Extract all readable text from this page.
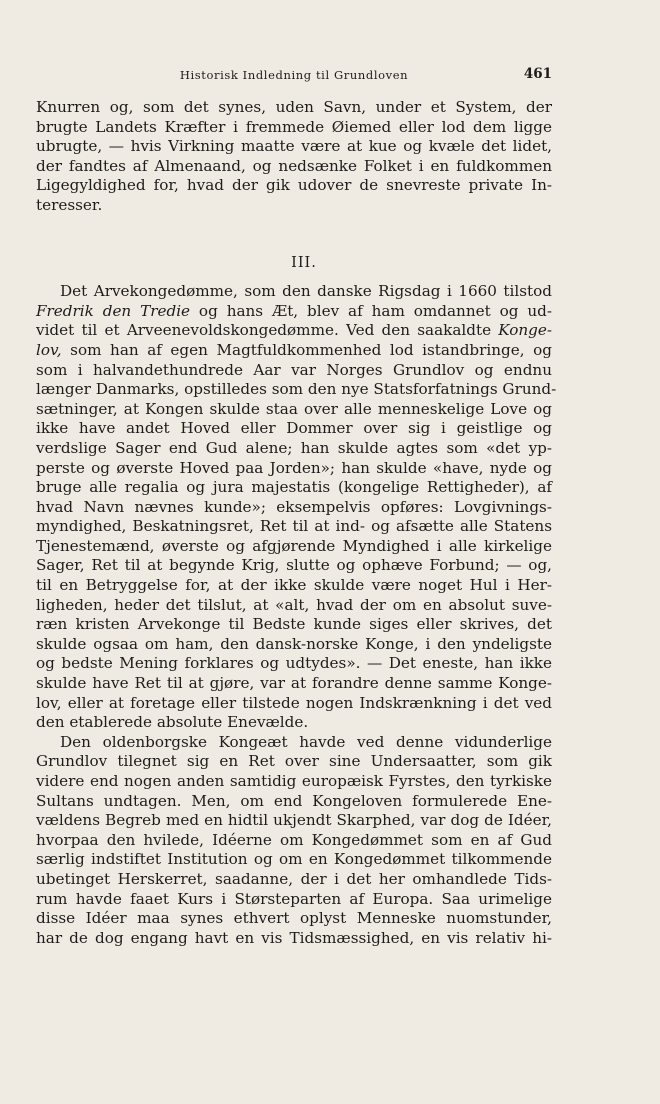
Historisk Indledning til Grundloven	461
Knurren og, som det synes, uden Savn, under et System, der
brugte Landets Kræfter i fremmede Øiemed eller lod dem ligge
ubrugte, — hvis Virkning maatte være at kue og kvæle det lidet,
der fandtes af Almenaand, og nedsænke Folket i en fuldkommen
Ligegyldighed for, hvad der gik udover de snevreste private In-
teresser.
III.
Det Arvekongedømme, som den danske Rigsdag i 1660 tilstod
Fredrik den Tredie og hans Æt, blev af ham omdannet og ud-
videt til et Arveenevoldskongedømme. Ved den saakaldte Konge-
lov, som han af egen Magtfuldkommenhed lod istandbringe, og
som i halvandethundrede Aar var Norges Grundlov og endnu
længer Danmarks, opstilledes som den nye Statsforfatnings Grund-
sætninger, at Kongen skulde staa over alle menneskelige Love og
ikke have andet Hoved eller Dommer over sig i geistlige og
verdslige Sager end Gud alene; han skulde agtes som «det yp-
perste og øverste Hoved paa Jorden»; han skulde «have, nyde og
bruge alle regalia og jura majestatis (kongelige Rettigheder), af
hvad Navn nævnes kunde»; eksempelvis opføres: Lovgivnings-
myndighed, Beskatningsret, Ret til at ind- og afsætte alle Statens
Tjenestemænd, øverste og afgjørende Myndighed i alle kirkelige
Sager, Ret til at begynde Krig, slutte og ophæve Forbund; — og,
til en Betryggelse for, at der ikke skulde være noget Hul i Her-
ligheden, heder det tilslut, at «alt, hvad der om en absolut suve-
ræn kristen Arvekonge til Bedste kunde siges eller skrives, det
skulde ogsaa om ham, den dansk-norske Konge, i den yndeligste
og bedste Mening forklares og udtydes». — Det eneste, han ikke
skulde have Ret til at gjøre, var at forandre denne samme Konge-
lov, eller at foretage eller tilstede nogen Indskrænkning i det ved
den etablerede absolute Enevælde.
Den oldenborgske Kongeæt havde ved denne vidunderlige
Grundlov tilegnet sig en Ret over sine Undersaatter, som gik
videre end nogen anden samtidig europæisk Fyrstes, den tyrkiske
Sultans undtagen. Men, om end Kongeloven formulerede Ene-
vældens Begreb med en hidtil ukjendt Skarphed, var dog de Idéer,
hvorpaa den hvilede, Idéerne om Kongedømmet som en af Gud
særlig indstiftet Institution og om en Kongedømmet tilkommende
ubetinget Herskerret, saadanne, der i det her omhandlede Tids-
rum havde faaet Kurs i Størsteparten af Europa. Saa urimelige
disse Idéer maa synes ethvert oplyst Menneske nuomstunder,
har de dog engang havt en vis Tidsmæssighed, en vis relativ hi-
